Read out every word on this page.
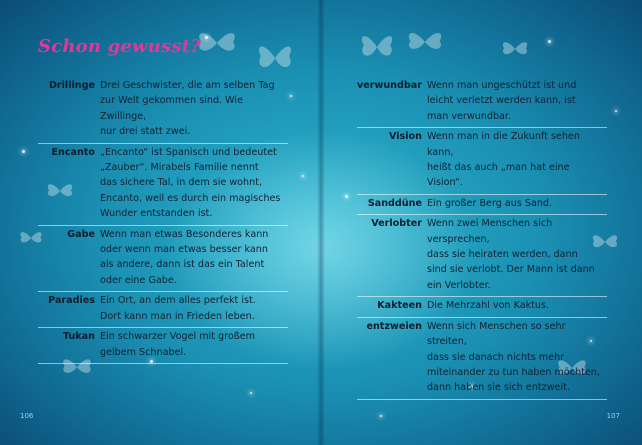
Schon gewusst?
Drillinge	Drei Geschwister, die am selben Tag
zur Welt gekommen sind. Wie Zwillinge,
nur drei statt zwei.
Encanto	„Encanto“ ist Spanisch und bedeutet
„Zauber“. Mirabels Familie nennt
das sichere Tal, in dem sie wohnt,
Encanto, weil es durch ein magisches
Wunder entstanden ist.
Gabe	Wenn man etwas Besonderes kann
oder wenn man etwas besser kann
als andere, dann ist das ein Talent
oder eine Gabe.
Paradies	Ein Ort, an dem alles perfekt ist.
Dort kann man in Frieden leben.
Tukan	Ein schwarzer Vogel mit großem
gelbem Schnabel.
verwundbar	Wenn man ungeschützt ist und
leicht verletzt werden kann, ist
man verwundbar.
Vision	Wenn man in die Zukunft sehen kann,
heißt das auch „man hat eine Vision“.
Sanddüne	Ein großer Berg aus Sand.
Verlobter	Wenn zwei Menschen sich versprechen,
dass sie heiraten werden, dann
sind sie verlobt. Der Mann ist dann
ein Verlobter.
Kakteen	Die Mehrzahl von Kaktus.
entzweien	Wenn sich Menschen so sehr streiten,
dass sie danach nichts mehr
miteinander zu tun haben möchten,
dann haben sie sich entzweit.
106	107
